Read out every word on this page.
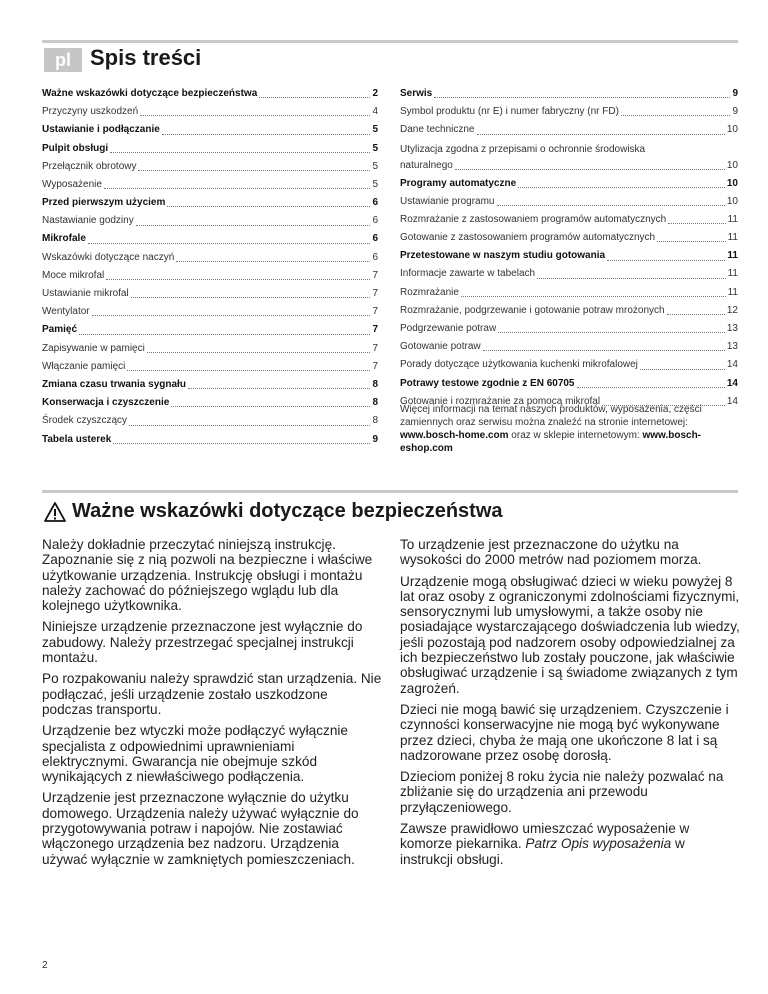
pl Spis treści
Ważne wskazówki dotyczące bezpieczeństwa	2
Przyczyny uszkodzeń	4
Ustawianie i podłączanie	5
Pulpit obsługi	5
Przełącznik obrotowy	5
Wyposażenie	5
Przed pierwszym użyciem	6
Nastawianie godziny	6
Mikrofale	6
Wskazówki dotyczące naczyń	6
Moce mikrofal	7
Ustawianie mikrofal	7
Wentylator	7
Pamięć	7
Zapisywanie w pamięci	7
Włączanie pamięci	7
Zmiana czasu trwania sygnału	8
Konserwacja i czyszczenie	8
Środek czyszczący	8
Tabela usterek	9
Serwis	9
Symbol produktu (nr E) i numer fabryczny (nr FD)	9
Dane techniczne	10
Utylizacja zgodna z przepisami o ochronnie środowiska
naturalnego	10
Programy automatyczne	10
Ustawianie programu	10
Rozmrażanie z zastosowaniem programów automatycznych	11
Gotowanie z zastosowaniem programów automatycznych	11
Przetestowane w naszym studiu gotowania	11
Informacje zawarte w tabelach	11
Rozmrażanie	11
Rozmrażanie, podgrzewanie i gotowanie potraw mrożonych	12
Podgrzewanie potraw	13
Gotowanie potraw	13
Porady dotyczące użytkowania kuchenki mikrofalowej	14
Potrawy testowe zgodnie z EN 60705	14
Gotowanie i rozmrażanie za pomocą mikrofal	14
Więcej informacji na temat naszych produktów, wyposażenia, części zamiennych oraz serwisu można znaleźć na stronie internetowej: www.bosch-home.com oraz w sklepie internetowym: www.bosch-eshop.com
Ważne wskazówki dotyczące bezpieczeństwa

Należy dokładnie przeczytać niniejszą instrukcję. Zapoznanie się z nią pozwoli na bezpieczne i właściwe użytkowanie urządzenia. Instrukcję obsługi i montażu należy zachować do późniejszego wglądu lub dla kolejnego użytkownika.

Niniejsze urządzenie przeznaczone jest wyłącznie do zabudowy. Należy przestrzegać specjalnej instrukcji montażu.

Po rozpakowaniu należy sprawdzić stan urządzenia. Nie podłączać, jeśli urządzenie zostało uszkodzone podczas transportu.

Urządzenie bez wtyczki może podłączyć wyłącznie specjalista z odpowiednimi uprawnieniami elektrycznymi. Gwarancja nie obejmuje szkód wynikających z niewłaściwego podłączenia.

Urządzenie jest przeznaczone wyłącznie do użytku domowego. Urządzenia należy używać wyłącznie do przygotowywania potraw i napojów. Nie zostawiać włączonego urządzenia bez nadzoru. Urządzenia używać wyłącznie w zamkniętych pomieszczeniach.

To urządzenie jest przeznaczone do użytku na wysokości do 2000 metrów nad poziomem morza.

Urządzenie mogą obsługiwać dzieci w wieku powyżej 8 lat oraz osoby z ograniczonymi zdolnościami fizycznymi, sensorycznymi lub umysłowymi, a także osoby nie posiadające wystarczającego doświadczenia lub wiedzy, jeśli pozostają pod nadzorem osoby odpowiedzialnej za ich bezpieczeństwo lub zostały pouczone, jak właściwie obsługiwać urządzenie i są świadome związanych z tym zagrożeń.

Dzieci nie mogą bawić się urządzeniem. Czyszczenie i czynności konserwacyjne nie mogą być wykonywane przez dzieci, chyba że mają one ukończone 8 lat i są nadzorowane przez osobę dorosłą.

Dzieciom poniżej 8 roku życia nie należy pozwalać na zbliżanie się do urządzenia ani przewodu przyłączeniowego.

Zawsze prawidłowo umieszczać wyposażenie w komorze piekarnika. Patrz Opis wyposażenia w instrukcji obsługi.

2
